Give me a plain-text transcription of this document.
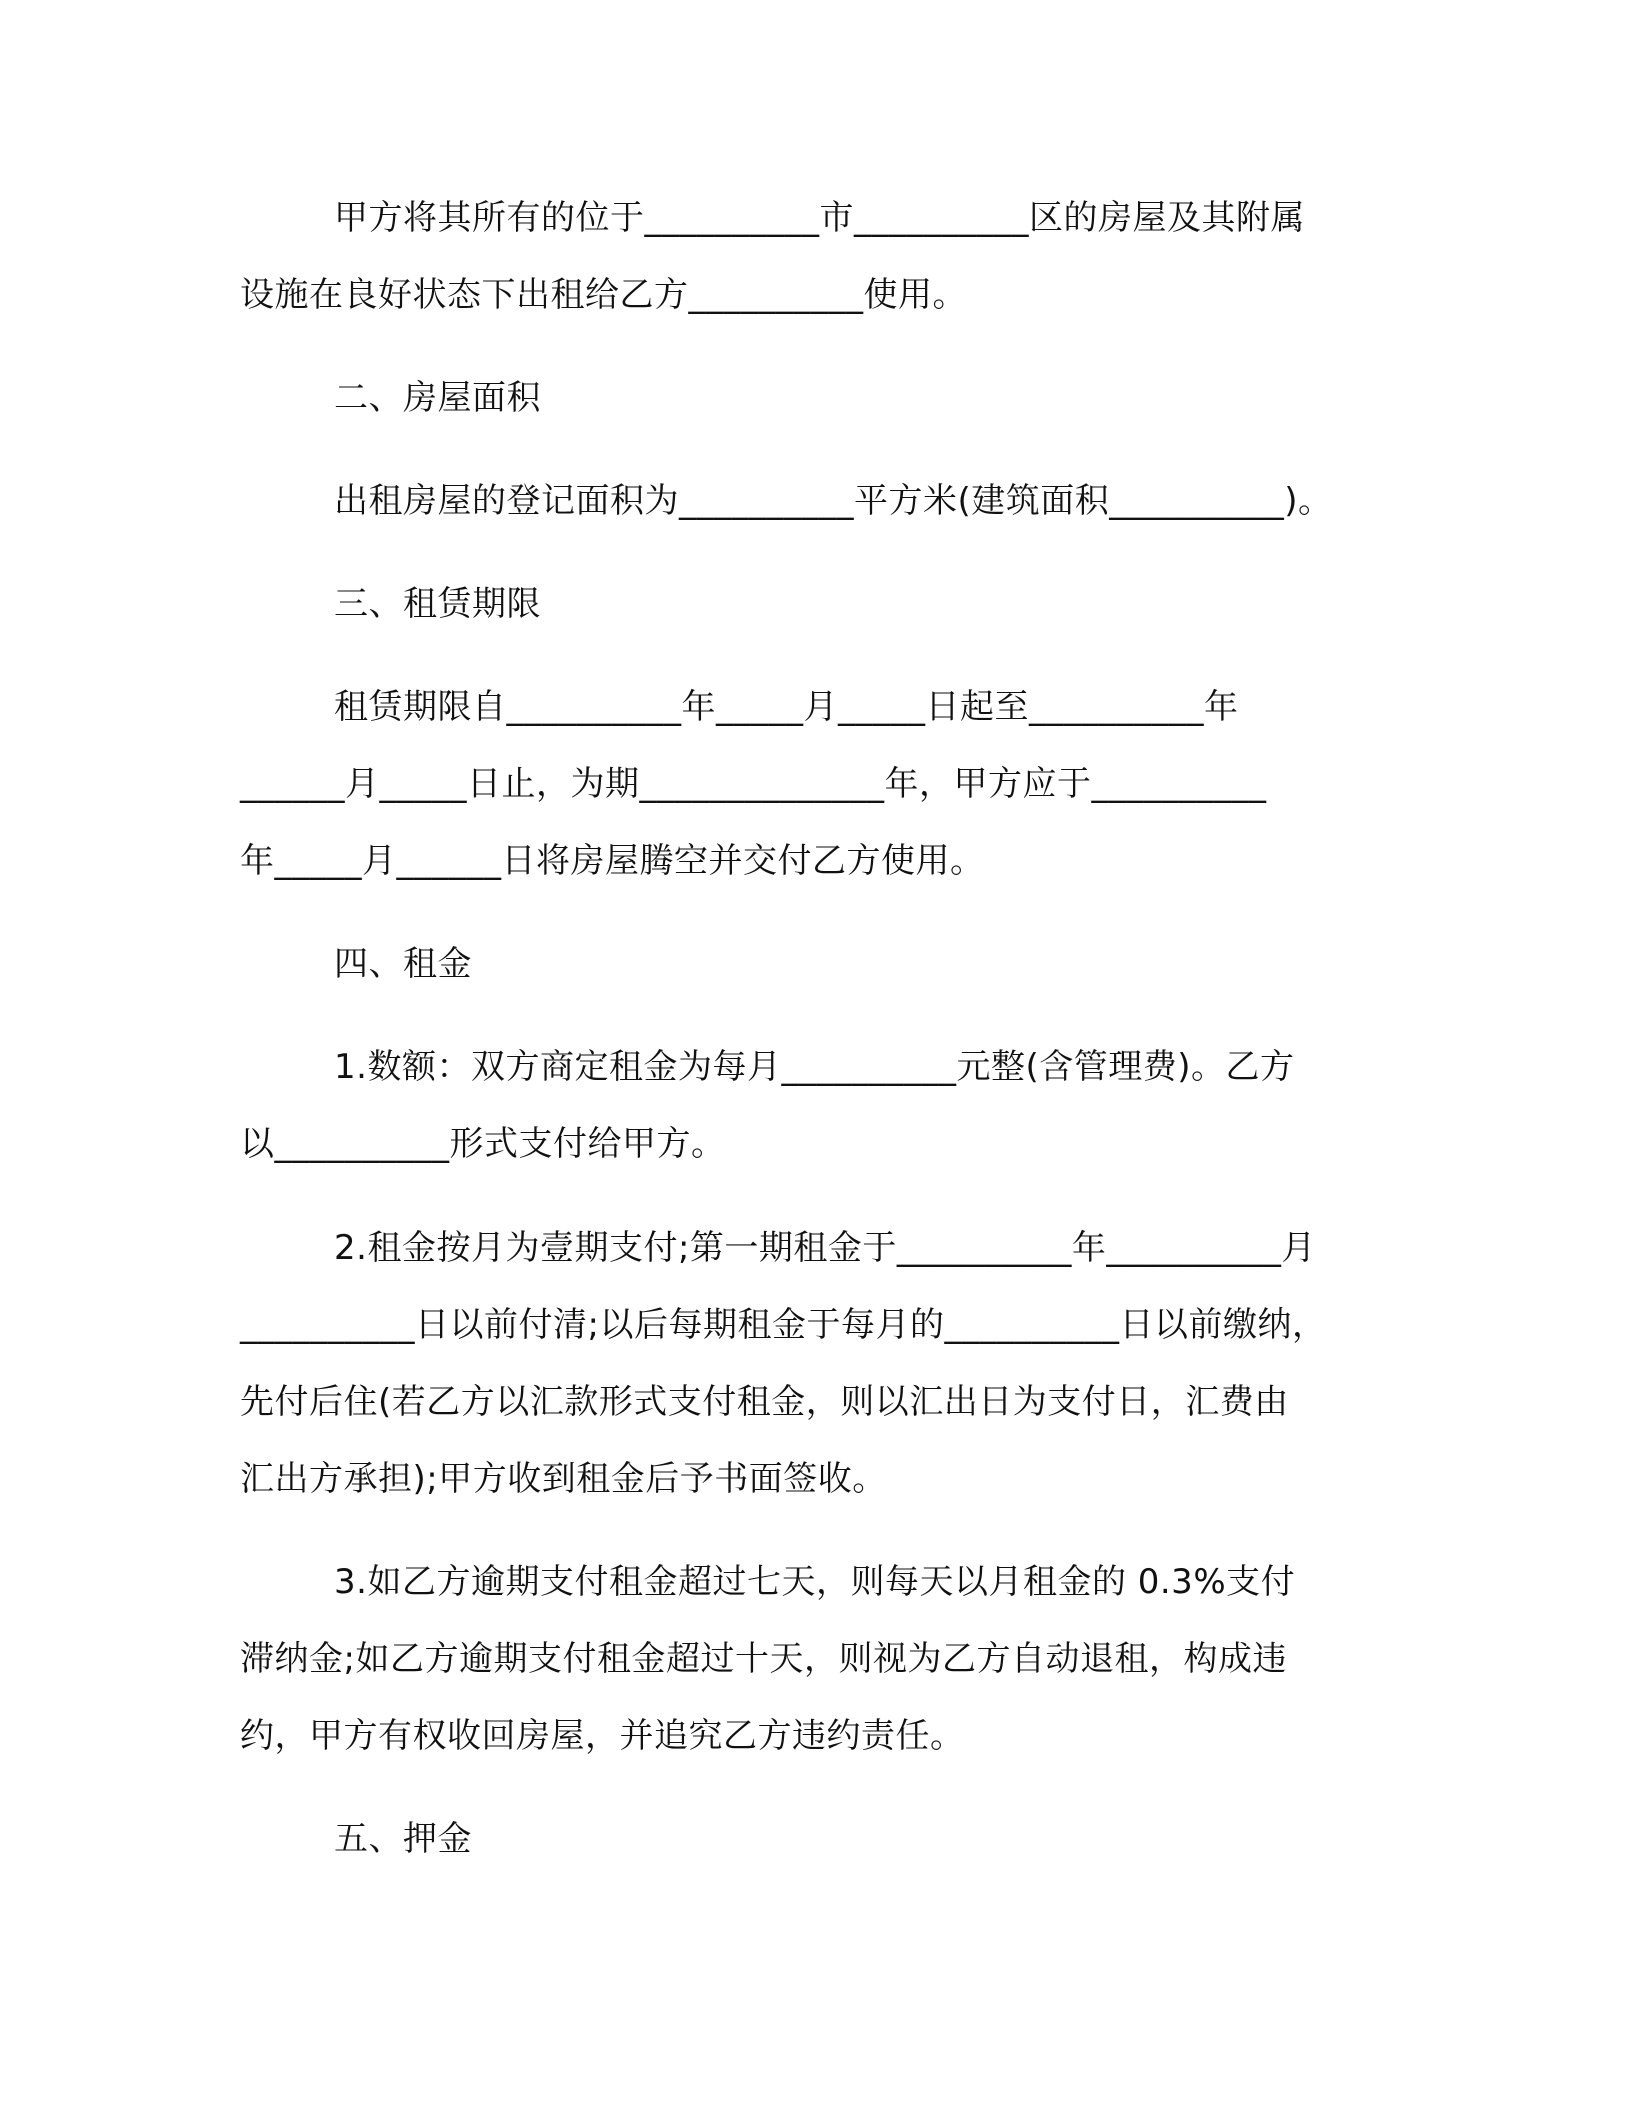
甲方将其所有的位于__________市__________区的房屋及其附属
设施在良好状态下出租给乙方__________使用。
二、房屋面积
出租房屋的登记面积为__________平方米(建筑面积__________)。
三、租赁期限
租赁期限自__________年_____月_____日起至__________年
______月_____日止，为期______________年，甲方应于__________
年_____月______日将房屋腾空并交付乙方使用。
四、租金
1.数额：双方商定租金为每月__________元整(含管理费)。乙方
以__________形式支付给甲方。
2.租金按月为壹期支付;第一期租金于__________年__________月
__________日以前付清;以后每期租金于每月的__________日以前缴纳，
先付后住(若乙方以汇款形式支付租金，则以汇出日为支付日，汇费由
汇出方承担);甲方收到租金后予书面签收。
3.如乙方逾期支付租金超过七天，则每天以月租金的 0.3%支付
滞纳金;如乙方逾期支付租金超过十天，则视为乙方自动退租，构成违
约，甲方有权收回房屋，并追究乙方违约责任。
五、押金
